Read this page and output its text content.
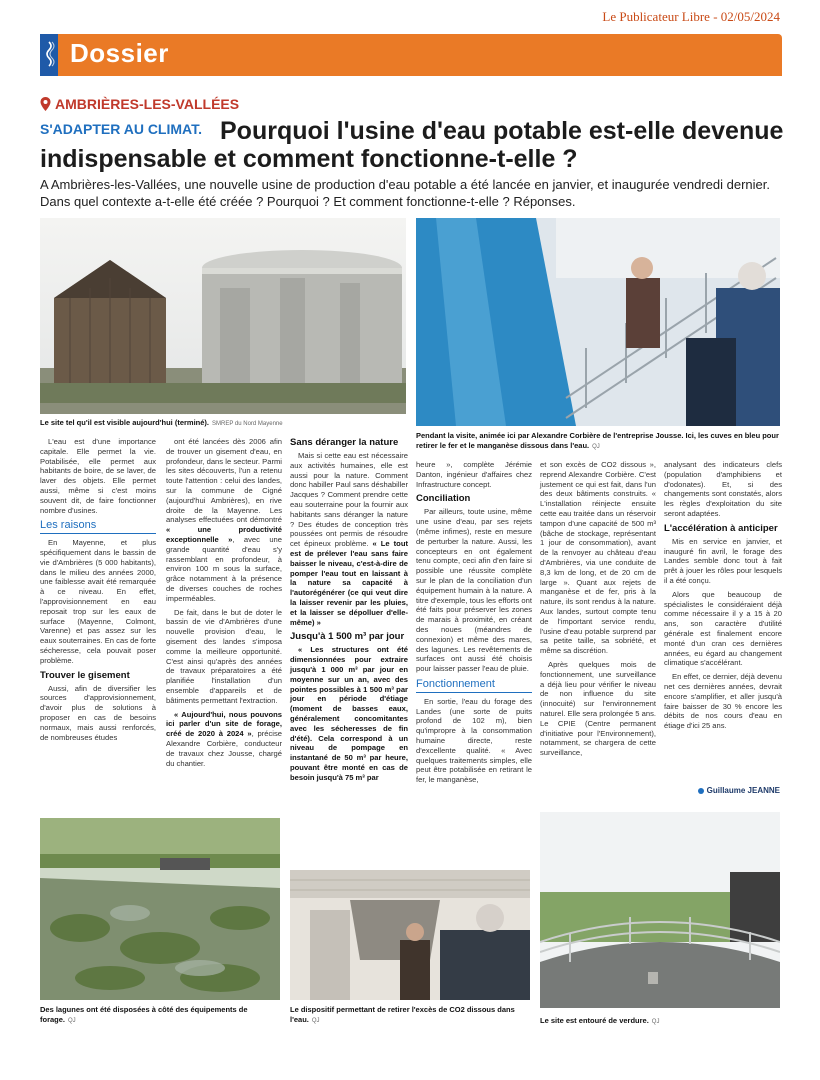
Le Publicateur Libre - 02/05/2024
Dossier
AMBRIÈRES-LES-VALLÉES
Pourquoi l'usine d'eau potable est-elle devenue indispensable et comment fonctionne-t-elle ?
S'ADAPTER AU CLIMAT.

A Ambrières-les-Vallées, une nouvelle usine de production d'eau potable a été lancée en janvier, et inaugurée vendredi dernier. Dans quel contexte a-t-elle été créée ? Pourquoi ? Et comment fonctionne-t-elle ? Réponses.

Le site tel qu'il est visible aujourd'hui (terminé). SMREP du Nord Mayenne
Pendant la visite, animée ici par Alexandre Corbière de l'entreprise Jousse. Ici, les cuves en bleu pour retirer le fer et le manganèse dissous dans l'eau. QJ

L'eau est d'une importance capitale. Elle permet la vie. Potabilisée, elle permet aux habitants de boire, de se laver, de laver des objets. Elle permet aussi, même si c'est moins souvent dit, de faire fonctionner nombre d'usines.

Les raisons

En Mayenne, et plus spécifiquement dans le bassin de vie d'Ambrières (5 000 habitants), dans le milieu des années 2000, une faiblesse avait été remarquée à ce niveau. En effet, l'approvisionnement en eau reposait trop sur les eaux de surface (Mayenne, Colmont, Varenne) et pas assez sur les eaux souterraines. En cas de forte sécheresse, cela pouvait poser problème.

Trouver le gisement

Aussi, afin de diversifier les sources d'approvisionnement, d'avoir plus de solutions à proposer en cas de besoins normaux, mais aussi renforcés, de nombreuses études

ont été lancées dès 2006 afin de trouver un gisement d'eau, en profondeur, dans le secteur. Parmi les sites découverts, l'un a retenu toute l'attention : celui des landes, sur la commune de Cigné (aujourd'hui Ambrières), en rive droite de la Mayenne. Les analyses effectuées ont démontré « une productivité exceptionnelle », avec une grande quantité d'eau s'y rassemblant en profondeur, à environ 100 m sous la surface, grâce notamment à la présence de diverses couches de roches imperméables.

De fait, dans le but de doter le bassin de vie d'Ambrières d'une nouvelle provision d'eau, le gisement des landes s'imposa comme la meilleure opportunité. C'est ainsi qu'après des années de travaux préparatoires a été planifiée l'installation d'un ensemble d'appareils et de bâtiments permettant l'extraction.

« Aujourd'hui, nous pouvons ici parler d'un site de forage, créé de 2020 à 2024 », précise Alexandre Corbière, conducteur de travaux chez Jousse, chargé du chantier.

Sans déranger la nature

Mais si cette eau est nécessaire aux activités humaines, elle est aussi pour la nature. Comment donc habiller Paul sans déshabiller Jacques ? Comment prendre cette eau souterraine pour la fournir aux habitants sans déranger la nature ? Des études de conception très poussées ont permis de résoudre cet épineux problème. « Le tout est de prélever l'eau sans faire baisser le niveau, c'est-à-dire de pomper l'eau tout en laissant à la nature sa capacité à l'autorégénérer (ce qui veut dire la laisser revenir par les pluies, et la laisser se dépolluer d'elle-même) »

Jusqu'à 1 500 m³ par jour

« Les structures ont été dimensionnées pour extraire jusqu'à 1 000 m³ par jour en moyenne sur un an, avec des pointes possibles à 1 500 m³ par jour en période d'étiage (moment de basses eaux, généralement concomitantes avec les sécheresses de fin d'été). Cela correspond à un niveau de pompage en instantané de 50 m³ par heure, pouvant être monté en cas de besoin jusqu'à 75 m³ par

heure », complète Jérémie Danton, ingénieur d'affaires chez Infrastructure concept.

Conciliation

Par ailleurs, toute usine, même une usine d'eau, par ses rejets (même infimes), reste en mesure de perturber la nature. Aussi, les concepteurs en ont également tenu compte, ceci afin d'en faire si possible une réussite complète sur le plan de la conciliation d'un équipement humain à la nature. A titre d'exemple, tous les efforts ont été faits pour préserver les zones de marais à proximité, en créant des noues (méandres de connexion) et même des mares, des lagunes. Les revêtements de surfaces ont aussi été choisis pour laisser passer l'eau de pluie.

Fonctionnement

En sortie, l'eau du forage des Landes (une sorte de puits profond de 102 m), bien qu'impropre à la consommation humaine directe, reste d'excellente qualité. « Avec quelques traitements simples, elle peut être potabilisée en retirant le fer, le manganèse,

et son excès de CO2 dissous », reprend Alexandre Corbière. C'est justement ce qui est fait, dans l'un des deux bâtiments construits. « L'installation réinjecte ensuite cette eau traitée dans un réservoir tampon d'une capacité de 500 m³ (bâche de stockage, représentant 1 jour de consommation), avant de la renvoyer au château d'eau d'Ambrières, via une conduite de 8,3 km de long, et de 20 cm de large ». Quant aux rejets de manganèse et de fer, pris à la nature, ils sont rendus à la nature. Aux landes, surtout compte tenu de l'important service rendu, l'usine d'eau potable surprend par sa petite taille, sa sobriété, et même sa discrétion.

Après quelques mois de fonctionnement, une surveillance a déjà lieu pour vérifier le niveau de non influence du site (innocuité) sur l'environnement naturel. Elle sera prolongée 5 ans. Le CPIE (Centre permanent d'initiative pour l'Environnement), notamment, se chargera de cette surveillance,

analysant des indicateurs clefs (population d'amphibiens et d'odonates). Et, si des changements sont constatés, alors les règles d'exploitation du site seront adaptées.

L'accélération à anticiper

Mis en service en janvier, et inauguré fin avril, le forage des Landes semble donc tout à fait prêt à jouer les rôles pour lesquels il a été conçu.

Alors que beaucoup de spécialistes le considéraient déjà comme nécessaire il y a 15 à 20 ans, son caractère d'utilité générale est finalement encore monté d'un cran ces dernières années, eu égard au changement climatique s'accélérant.

En effet, ce dernier, déjà devenu net ces dernières années, devrait encore s'amplifier, et aller jusqu'à faire baisser de 30 % encore les débits de nos cours d'eau en étiage d'ici 25 ans.

Guillaume JEANNE
Des lagunes ont été disposées à côté des équipements de forage. QJ
Le dispositif permettant de retirer l'excès de CO2 dissous dans l'eau. QJ	Le site est entouré de verdure. QJ
